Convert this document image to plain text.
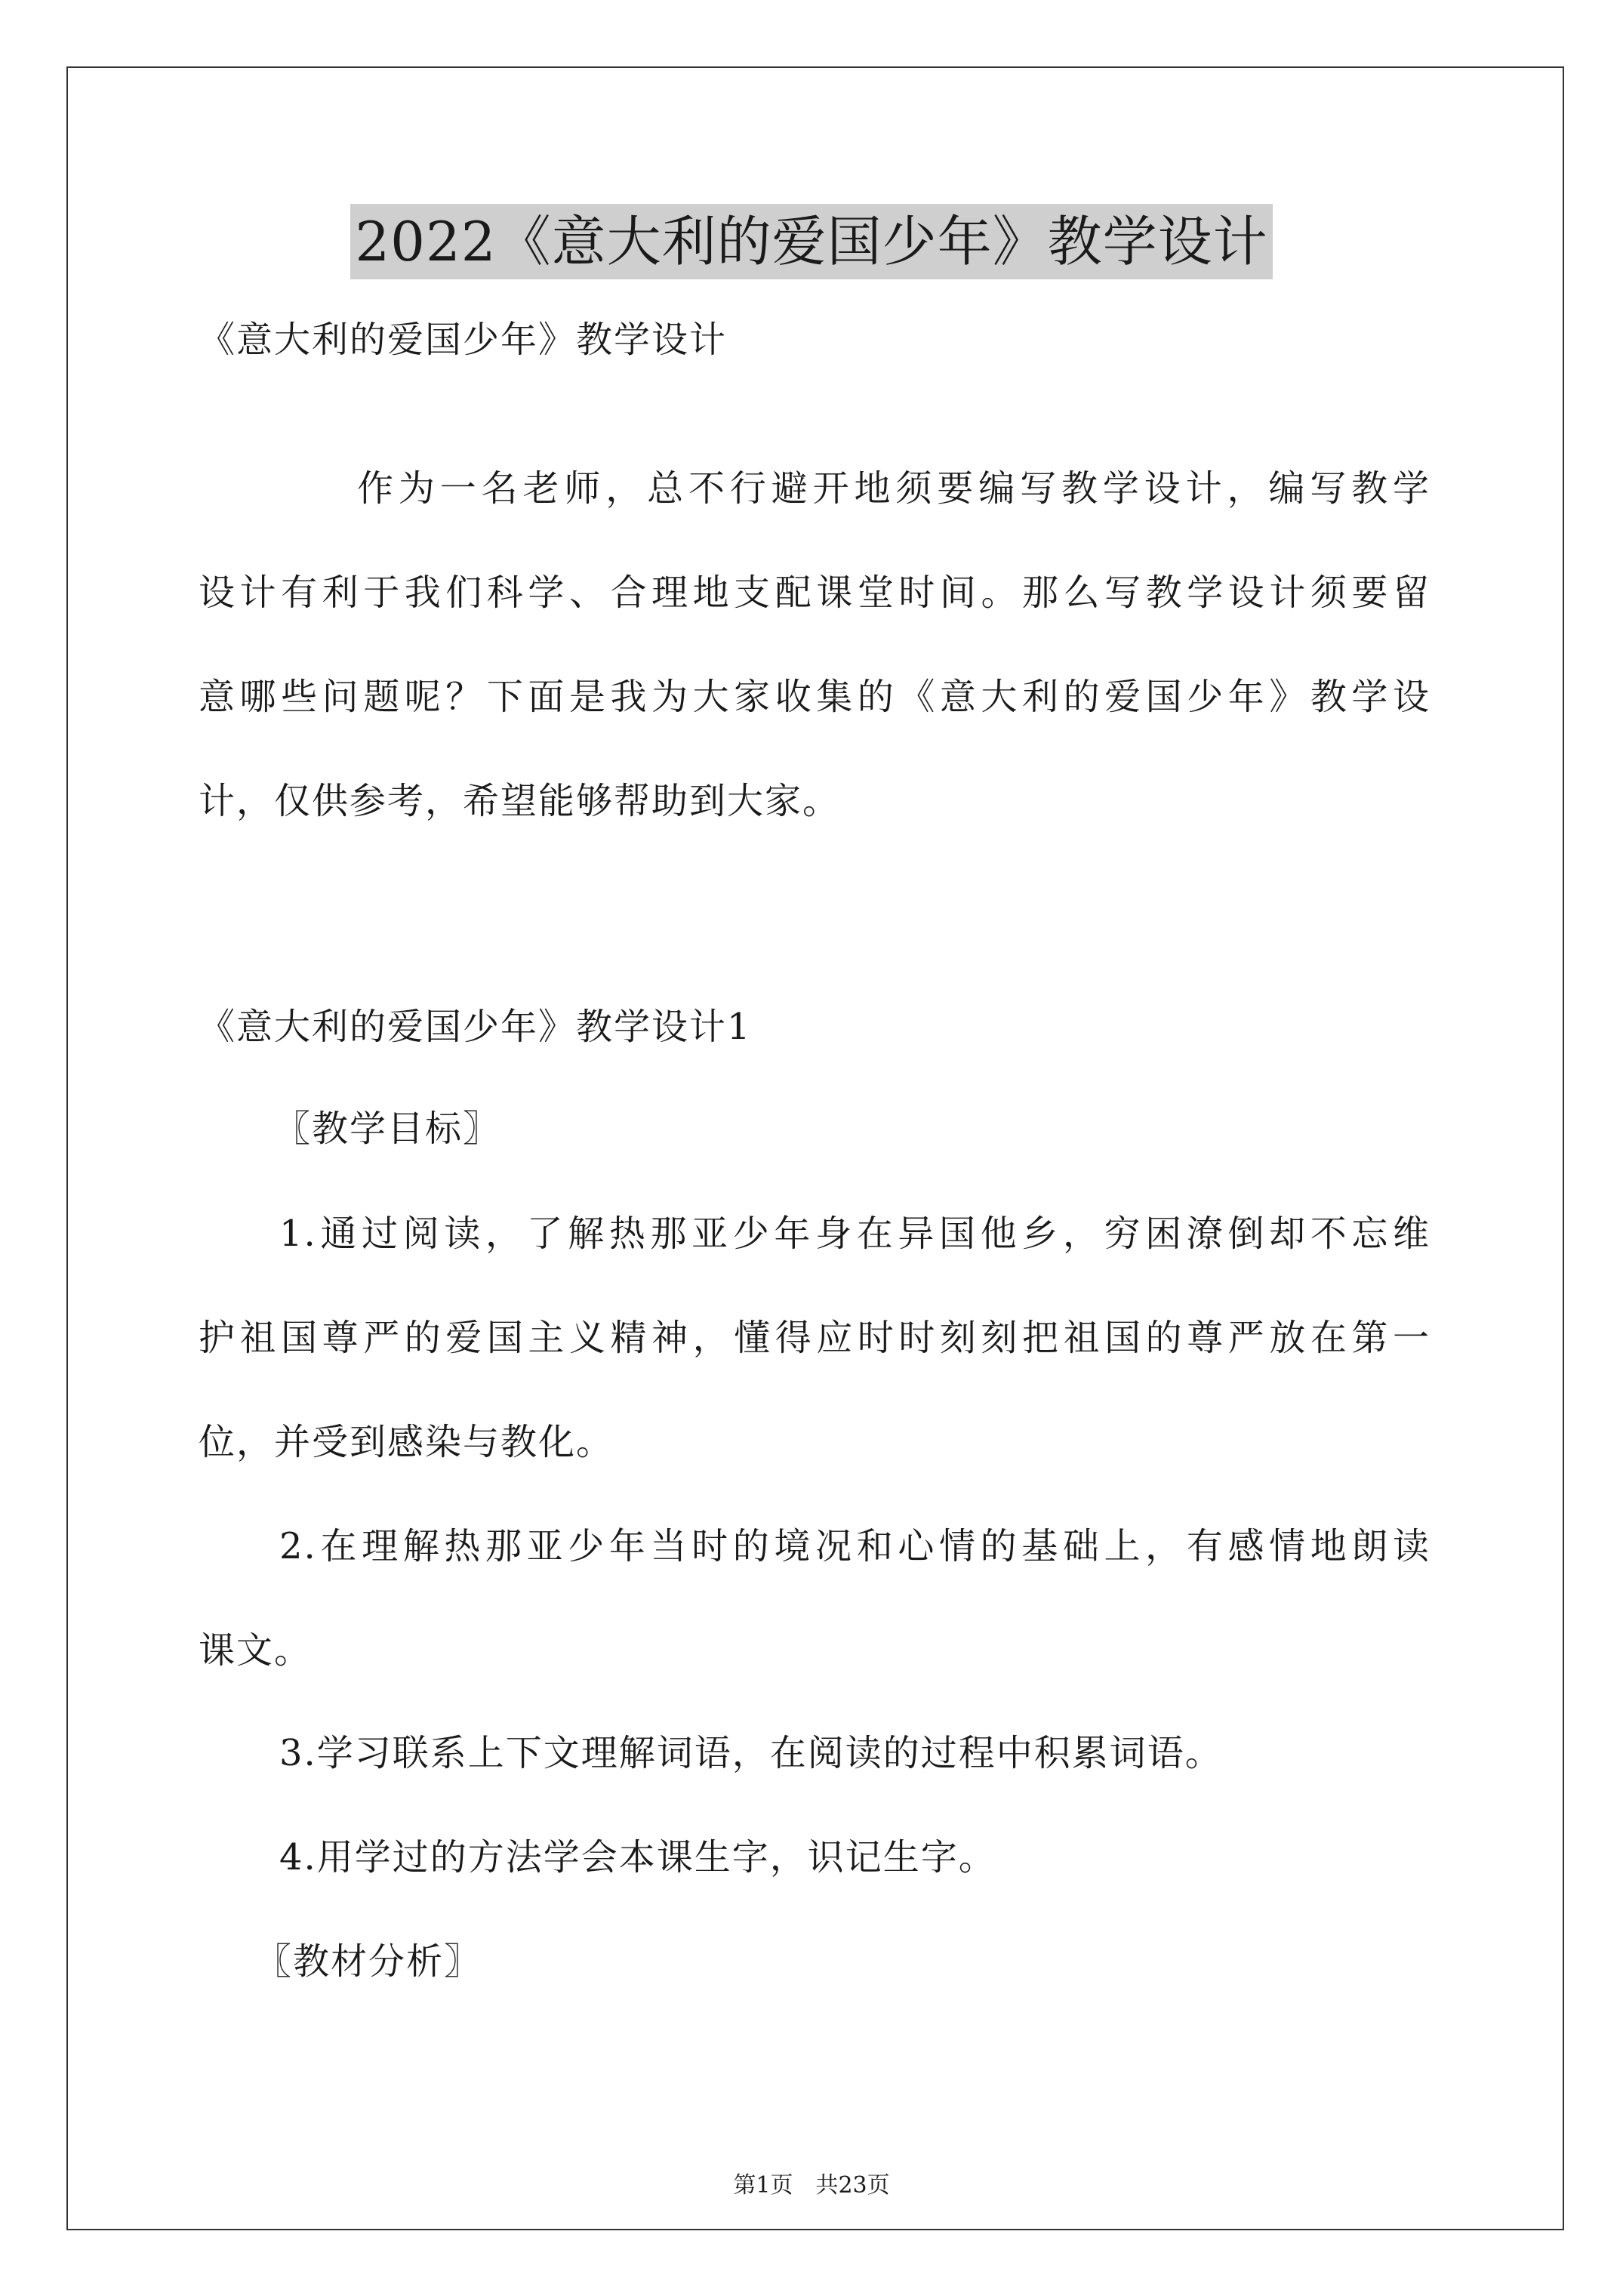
2022《意大利的爱国少年》教学设计
《意大利的爱国少年》教学设计
作为一名老师，总不行避开地须要编写教学设计，编写教学
设计有利于我们科学、合理地支配课堂时间。那么写教学设计须要留
意哪些问题呢？下面是我为大家收集的《意大利的爱国少年》教学设
计，仅供参考，希望能够帮助到大家。
《意大利的爱国少年》教学设计1
〖教学目标〗
1.通过阅读，了解热那亚少年身在异国他乡，穷困潦倒却不忘维
护祖国尊严的爱国主义精神，懂得应时时刻刻把祖国的尊严放在第一
位，并受到感染与教化。
2.在理解热那亚少年当时的境况和心情的基础上，有感情地朗读
课文。
3.学习联系上下文理解词语，在阅读的过程中积累词语。
4.用学过的方法学会本课生字，识记生字。
〖教材分析〗
第1页　共23页
